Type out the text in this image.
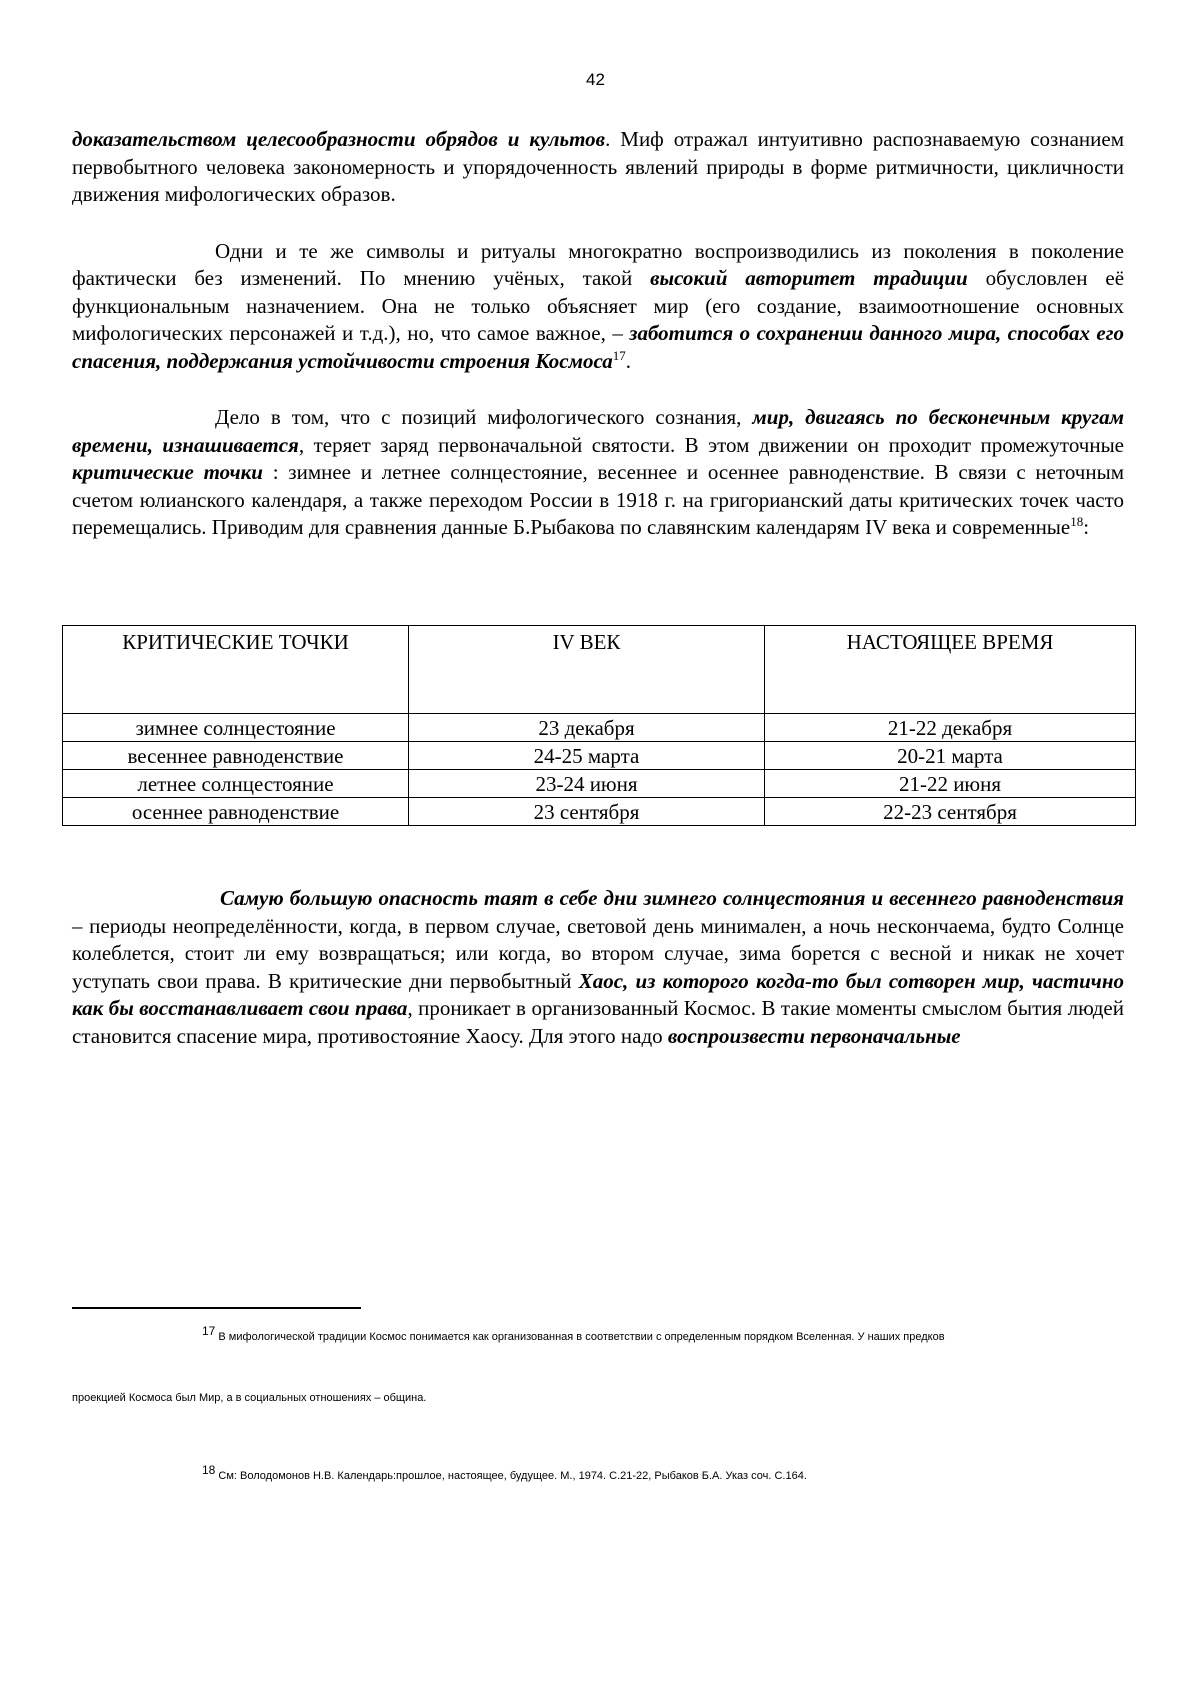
42

доказательством целесообразности обрядов и культов. Миф отражал интуитивно распознаваемую сознанием первобытного человека закономерность и упорядоченность явлений природы в форме ритмичности, цикличности движения мифологических образов.

Одни и те же символы и ритуалы многократно воспроизводились из поколения в поколение фактически без изменений. По мнению учёных, такой высокий авторитет традиции обусловлен её функциональным назначением. Она не только объясняет мир (его создание, взаимоотношение основных мифологических персонажей и т.д.), но, что самое важное, – заботится о сохранении данного мира, способах его спасения, поддержания устойчивости строения Космоса$^{17}$.

Дело в том, что с позиций мифологического сознания, мир, двигаясь по бесконечным кругам времени, изнашивается, теряет заряд первоначальной святости. В этом движении он проходит промежуточные критические точки : зимнее и летнее солнцестояние, весеннее и осеннее равноденствие. В связи с неточным счетом юлианского календаря, а также переходом России в 1918 г. на григорианский даты критических точек часто перемещались. Приводим для сравнения данные Б.Рыбакова по славянским календарям IV века и современные$^{18}$:

КРИТИЧЕСКИЕ ТОЧКИ	IV ВЕК	НАСТОЯЩЕЕ ВРЕМЯ
зимнее солнцестояние	23 декабря	21-22 декабря
весеннее равноденствие	24-25 марта	20-21 марта
летнее солнцестояние	23-24 июня	21-22 июня
осеннее равноденствие	23 сентября	22-23 сентября

Самую большую опасность таят в себе дни зимнего солнцестояния и весеннего равноденствия – периоды неопределённости, когда, в первом случае, световой день минимален, а ночь нескончаема, будто Солнце колеблется, стоит ли ему возвращаться; или когда, во втором случае, зима борется с весной и никак не хочет уступать свои права. В критические дни первобытный Хаос, из которого когда-то был сотворен мир, частично как бы восстанавливает свои права, проникает в организованный Космос. В такие моменты смыслом бытия людей становится спасение мира, противостояние Хаосу. Для этого надо воспроизвести первоначальные

$^{17}$ В мифологической традиции Космос понимается как организованная в соответствии с определенным порядком Вселенная. У наших предков
проекцией Космоса был Мир, а в социальных отношениях – община.
$^{18}$ См: Володомонов Н.В. Календарь:прошлое, настоящее, будущее. М., 1974. С.21-22, Рыбаков Б.А. Указ соч. С.164.
